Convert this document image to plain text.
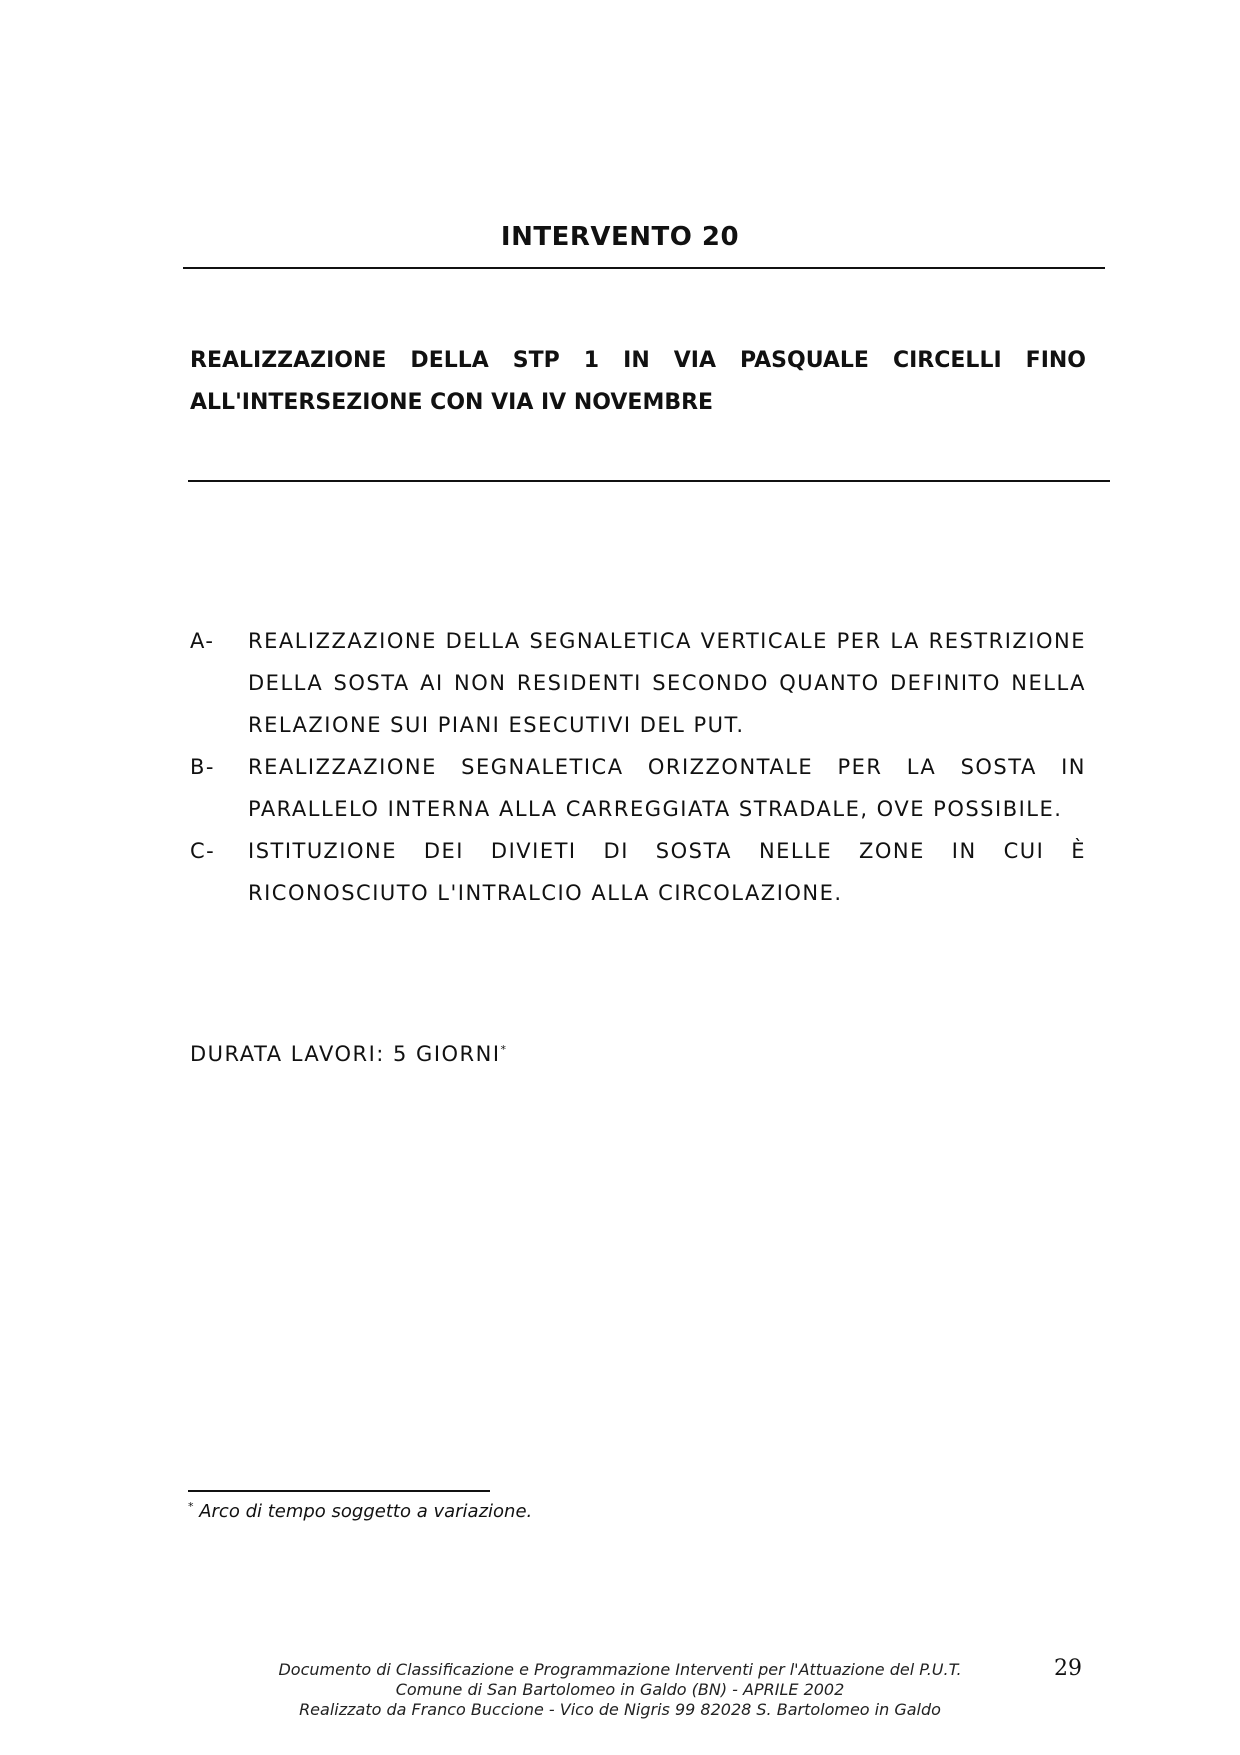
INTERVENTO 20
REALIZZAZIONE DELLA STP 1 IN VIA PASQUALE CIRCELLI FINO
ALL'INTERSEZIONE CON VIA IV NOVEMBRE
A-	REALIZZAZIONE DELLA SEGNALETICA VERTICALE PER LA RESTRIZIONE DELLA SOSTA AI NON RESIDENTI SECONDO QUANTO DEFINITO NELLA RELAZIONE SUI PIANI ESECUTIVI DEL PUT.
B-	REALIZZAZIONE SEGNALETICA ORIZZONTALE PER LA SOSTA IN PARALLELO INTERNA ALLA CARREGGIATA STRADALE, OVE POSSIBILE.
C-	ISTITUZIONE DEI DIVIETI DI SOSTA NELLE ZONE IN CUI È RICONOSCIUTO L'INTRALCIO ALLA CIRCOLAZIONE.
DURATA LAVORI: 5 GIORNI*
* Arco di tempo soggetto a variazione.
Documento di Classificazione e Programmazione Interventi per l'Attuazione del P.U.T.
Comune di San Bartolomeo in Galdo (BN) - APRILE 2002
Realizzato da Franco Buccione - Vico de Nigris 99 82028 S. Bartolomeo in Galdo
29
